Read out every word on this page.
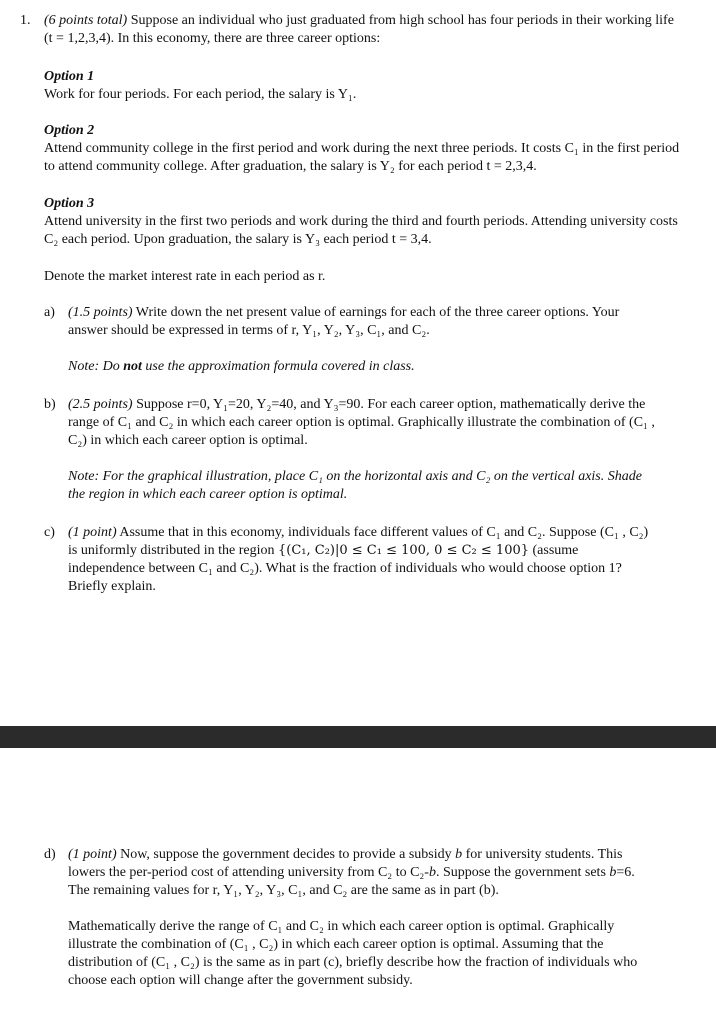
1. (6 points total) Suppose an individual who just graduated from high school has four periods in their working life (t = 1,2,3,4). In this economy, there are three career options:

Option 1

Work for four periods. For each period, the salary is Y₁.

Option 2

Attend community college in the first period and work during the next three periods. It costs C₁ in the first period to attend community college. After graduation, the salary is Y₂ for each period t = 2,3,4.

Option 3

Attend university in the first two periods and work during the third and fourth periods. Attending university costs C₂ each period. Upon graduation, the salary is Y₃ each period t = 3,4.

Denote the market interest rate in each period as r.

a) (1.5 points) Write down the net present value of earnings for each of the three career options. Your answer should be expressed in terms of r, Y₁, Y₂, Y₃, C₁, and C₂.

Note: Do not use the approximation formula covered in class.

b) (2.5 points) Suppose r=0, Y₁=20, Y₂=40, and Y₃=90. For each career option, mathematically derive the range of C₁ and C₂ in which each career option is optimal. Graphically illustrate the combination of (C₁ , C₂) in which each career option is optimal.

Note: For the graphical illustration, place C₁ on the horizontal axis and C₂ on the vertical axis. Shade the region in which each career option is optimal.

c) (1 point) Assume that in this economy, individuals face different values of C₁ and C₂. Suppose (C₁ , C₂) is uniformly distributed in the region {(C₁, C₂)|0 ≤ C₁ ≤ 100, 0 ≤ C₂ ≤ 100} (assume independence between C₁ and C₂). What is the fraction of individuals who would choose option 1? Briefly explain.

d) (1 point) Now, suppose the government decides to provide a subsidy b for university students. This lowers the per-period cost of attending university from C₂ to C₂-b. Suppose the government sets b=6. The remaining values for r, Y₁, Y₂, Y₃, C₁, and C₂ are the same as in part (b).

Mathematically derive the range of C₁ and C₂ in which each career option is optimal. Graphically illustrate the combination of (C₁ , C₂) in which each career option is optimal. Assuming that the distribution of (C₁ , C₂) is the same as in part (c), briefly describe how the fraction of individuals who choose each option will change after the government subsidy.
